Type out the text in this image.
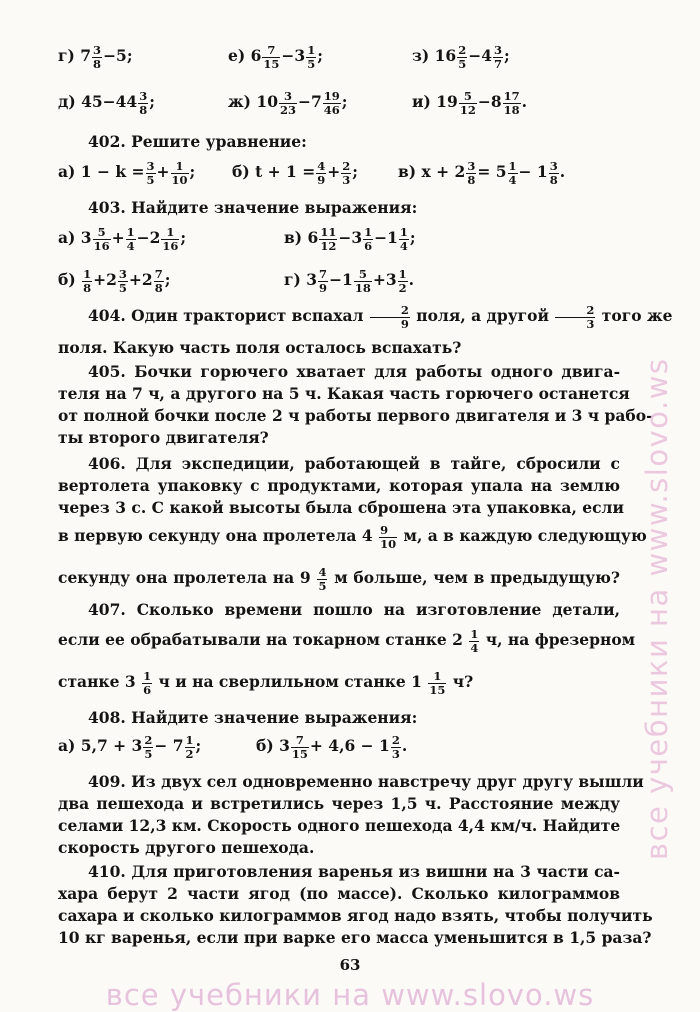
г) $7 \frac{3}{8} -5$;	е) $6 \frac{7}{15} -3 \frac{1}{5}$ ;	з) $16 \frac{2}{5} -4 \frac{3}{7}$ ;
д) $45-44 \frac{3}{8}$ ;	ж) $10 \frac{3}{23} -7 \frac{19}{46}$ ;	и) $19 \frac{5}{12} -8 \frac{17}{18}$ .
402. Решите уравнение:
а) $1 - k = \frac{3}{5} + \frac{1}{10}$ ; б) $t + 1 = \frac{4}{9} + \frac{2}{3}$ ;	в) $x + 2 \frac{3}{8} = 5 \frac{1}{4} - 1 \frac{3}{8}$ .
403. Найдите значение выражения:
а) $3 \frac{5}{16} + \frac{1}{4} -2 \frac{1}{16}$ ;	в) $6 \frac{11}{12} -3 \frac{1}{6} -1 \frac{1}{4}$ ;
$б) \frac{1}{8} +2 \frac{3}{5} +2 \frac{7}{8}$ ;	г) $3 \frac{7}{9} -1 \frac{5}{18} +3 \frac{1}{2}$ .
404. Один тракторист вспахал $\frac{2}{9}$ поля, а другой $\frac{2}{3}$ того же
поля. Какую часть поля осталось вспахать?
405. Бочки горючего хватает для работы одного двига-
теля на 7 ч, а другого на 5 ч. Какая часть горючего останется
от полной бочки после 2 ч работы первого двигателя и 3 ч рабо-
ты второго двигателя?
406. Для экспедиции, работающей в тайге, сбросили с
вертолета упаковку с продуктами, которая упала на землю
через 3 с. С какой высоты была сброшена эта упаковка, если
в первую секунду она пролетела $4 \frac{9}{10} м$, а в каждую следующую
секунду она пролетела на $9 \frac{4}{5}$ м больше, чем в предыдущую?
407. Сколько времени пошло на изготовление детали,
если ее обрабатывали на токарном станке $2 \frac{1}{4} ч$, на фрезерном
станке $3 \frac{1}{6}$ ч и на сверлильном станке $1 \frac{1}{15} ч$?
408. Найдите значение выражения:
а) $5,7 + 3 \frac{2}{5} - 7 \frac{1}{2}$ ;	б) $3 \frac{7}{15} + 4,6 - 1 \frac{2}{3}$ .
409. Из двух сел одновременно навстречу друг другу вышли
два пешехода и встретились через 1,5 ч. Расстояние между
селами 12,3 км. Скорость одного пешехода 4,4 км/ч. Найдите
скорость другого пешехода.
410. Для приготовления варенья из вишни на 3 части са-
хара берут 2 части ягод (по массе). Сколько килограммов
сахара и сколько килограммов ягод надо взять, чтобы получить
10 кг варенья, если при варке его масса уменьшится в 1,5 раза?
63
все учебники на www.slovo.ws
все учебники на www.slovo.ws
